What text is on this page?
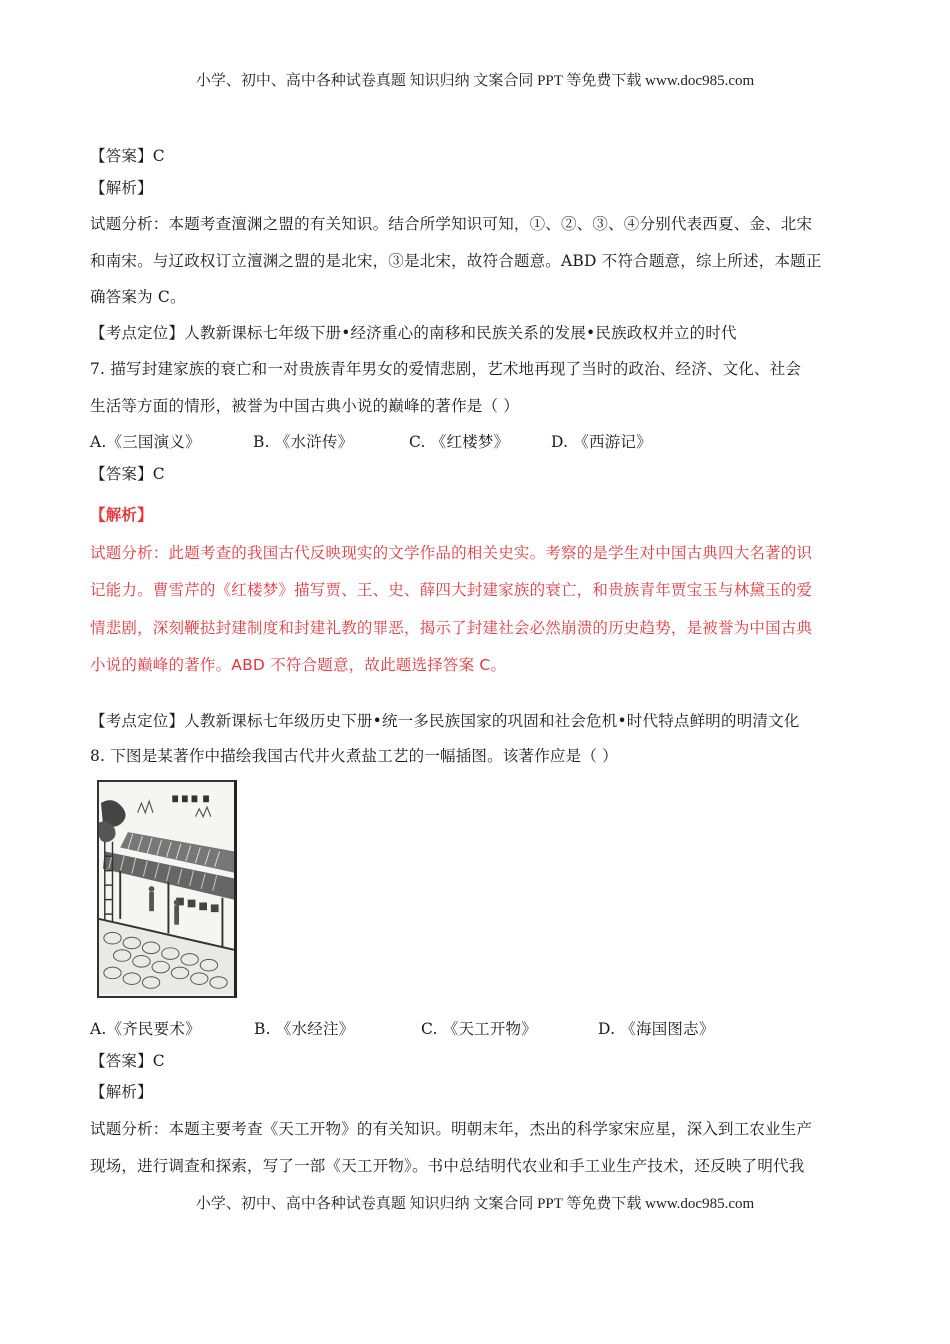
小学、初中、高中各种试卷真题 知识归纳 文案合同 PPT 等免费下载 www.doc985.com
【答案】C
【解析】
试题分析：本题考查澶渊之盟的有关知识。结合所学知识可知，①、②、③、④分别代表西夏、金、北宋
和南宋。与辽政权订立澶渊之盟的是北宋，③是北宋，故符合题意。ABD 不符合题意，综上所述，本题正
确答案为 C。
【考点定位】人教新课标七年级下册•经济重心的南移和民族关系的发展•民族政权并立的时代
7. 描写封建家族的衰亡和一对贵族青年男女的爱情悲剧，艺术地再现了当时的政治、经济、文化、社会
生活等方面的情形，被誉为中国古典小说的巅峰的著作是（ ）
A.《三国演义》	B. 《水浒传》	C. 《红楼梦》	D. 《西游记》
【答案】C
【解析】
试题分析：此题考查的我国古代反映现实的文学作品的相关史实。考察的是学生对中国古典四大名著的识
记能力。曹雪芹的《红楼梦》描写贾、王、史、薛四大封建家族的衰亡，和贵族青年贾宝玉与林黛玉的爱
情悲剧，深刻鞭挞封建制度和封建礼教的罪恶，揭示了封建社会必然崩溃的历史趋势，是被誉为中国古典
小说的巅峰的著作。ABD 不符合题意，故此题选择答案 C。
【考点定位】人教新课标七年级历史下册•统一多民族国家的巩固和社会危机•时代特点鲜明的明清文化
8. 下图是某著作中描绘我国古代井火煮盐工艺的一幅插图。该著作应是（ ）
A.《齐民要术》	B. 《水经注》	C. 《天工开物》	D. 《海国图志》
【答案】C
【解析】
试题分析：本题主要考查《天工开物》的有关知识。明朝末年，杰出的科学家宋应星，深入到工农业生产
现场，进行调查和探索，写了一部《天工开物》。书中总结明代农业和手工业生产技术，还反映了明代我
小学、初中、高中各种试卷真题 知识归纳 文案合同 PPT 等免费下载 www.doc985.com
